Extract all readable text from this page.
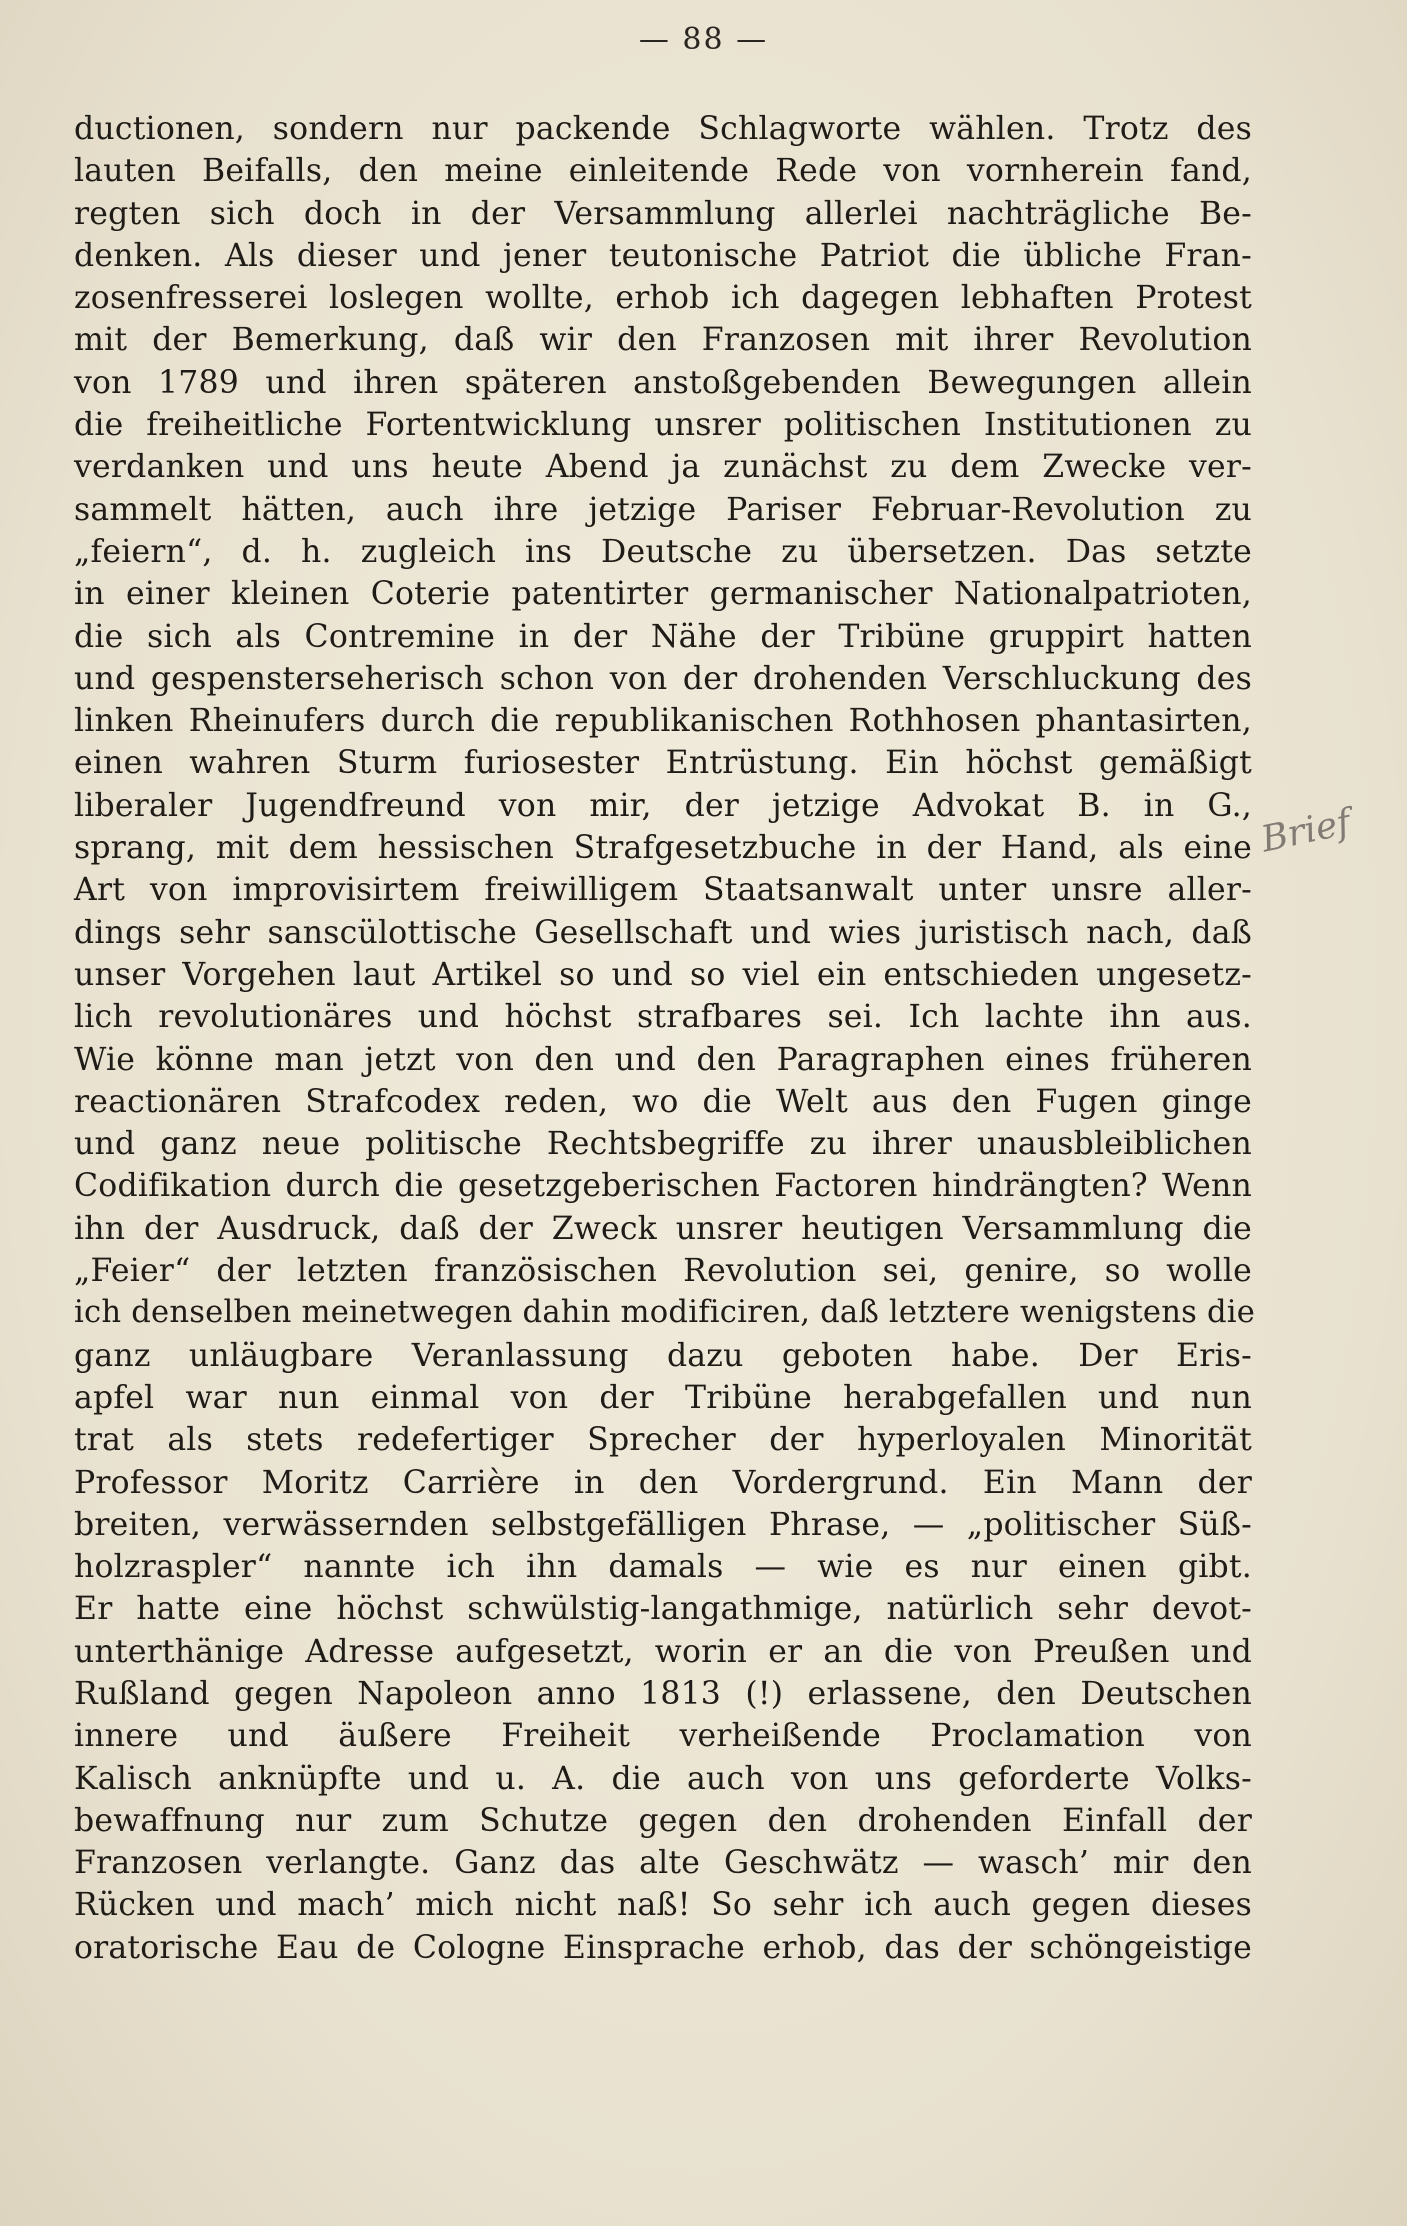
— 88 —
Brief
ductionen, sondern nur packende Schlagworte wählen. Trotz des
lauten Beifalls, den meine einleitende Rede von vornherein fand,
regten sich doch in der Versammlung allerlei nachträgliche Be-
denken. Als dieser und jener teutonische Patriot die übliche Fran-
zosenfresserei loslegen wollte, erhob ich dagegen lebhaften Protest
mit der Bemerkung, daß wir den Franzosen mit ihrer Revolution
von 1789 und ihren späteren anstoßgebenden Bewegungen allein
die freiheitliche Fortentwicklung unsrer politischen Institutionen zu
verdanken und uns heute Abend ja zunächst zu dem Zwecke ver-
sammelt hätten, auch ihre jetzige Pariser Februar-Revolution zu
„feiern“, d. h. zugleich ins Deutsche zu übersetzen. Das setzte
in einer kleinen Coterie patentirter germanischer Nationalpatrioten,
die sich als Contremine in der Nähe der Tribüne gruppirt hatten
und gespensterseherisch schon von der drohenden Verschluckung des
linken Rheinufers durch die republikanischen Rothhosen phantasirten,
einen wahren Sturm furiosester Entrüstung. Ein höchst gemäßigt
liberaler Jugendfreund von mir, der jetzige Advokat B. in G.,
sprang, mit dem hessischen Strafgesetzbuche in der Hand, als eine
Art von improvisirtem freiwilligem Staatsanwalt unter unsre aller-
dings sehr sanscülottische Gesellschaft und wies juristisch nach, daß
unser Vorgehen laut Artikel so und so viel ein entschieden ungesetz-
lich revolutionäres und höchst strafbares sei. Ich lachte ihn aus.
Wie könne man jetzt von den und den Paragraphen eines früheren
reactionären Strafcodex reden, wo die Welt aus den Fugen ginge
und ganz neue politische Rechtsbegriffe zu ihrer unausbleiblichen
Codifikation durch die gesetzgeberischen Factoren hindrängten? Wenn
ihn der Ausdruck, daß der Zweck unsrer heutigen Versammlung die
„Feier“ der letzten französischen Revolution sei, genire, so wolle
ich denselben meinetwegen dahin modificiren, daß letztere wenigstens die
ganz unläugbare Veranlassung dazu geboten habe. Der Eris-
apfel war nun einmal von der Tribüne herabgefallen und nun
trat als stets redefertiger Sprecher der hyperloyalen Minorität
Professor Moritz Carrière in den Vordergrund. Ein Mann der
breiten, verwässernden selbstgefälligen Phrase, — „politischer Süß-
holzraspler“ nannte ich ihn damals — wie es nur einen gibt.
Er hatte eine höchst schwülstig-langathmige, natürlich sehr devot-
unterthänige Adresse aufgesetzt, worin er an die von Preußen und
Rußland gegen Napoleon anno 1813 (!) erlassene, den Deutschen
innere und äußere Freiheit verheißende Proclamation von
Kalisch anknüpfte und u. A. die auch von uns geforderte Volks-
bewaffnung nur zum Schutze gegen den drohenden Einfall der
Franzosen verlangte. Ganz das alte Geschwätz — wasch’ mir den
Rücken und mach’ mich nicht naß! So sehr ich auch gegen dieses
oratorische Eau de Cologne Einsprache erhob, das der schöngeistige
